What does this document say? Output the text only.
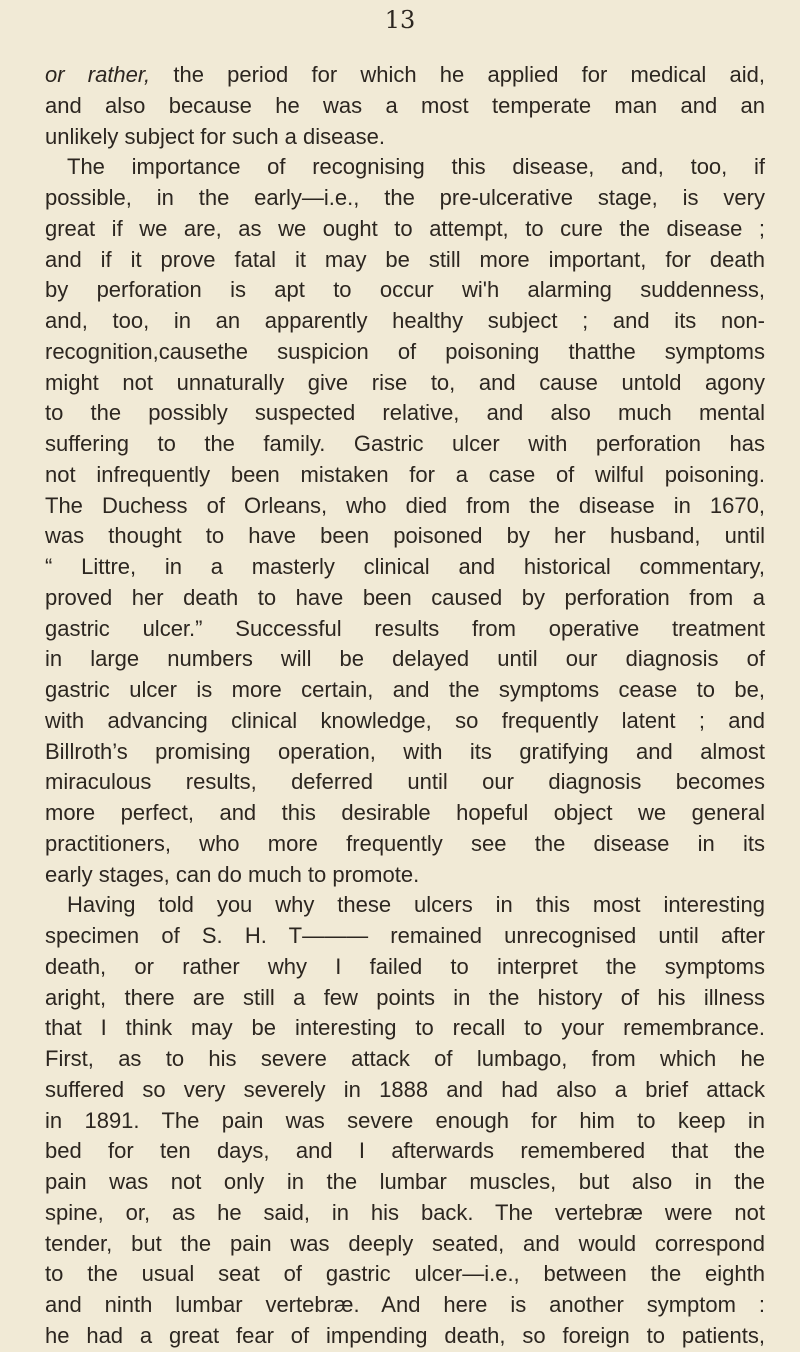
13
or rather, the period for which he applied for medical aid,
and also because he was a most temperate man and an
unlikely subject for such a disease.
The importance of recognising this disease, and, too, if
possible, in the early—i.e., the pre-ulcerative stage, is very
great if we are, as we ought to attempt, to cure the disease ;
and if it prove fatal it may be still more important, for death
by perforation is apt to occur wi'h alarming suddenness,
and, too, in an apparently healthy subject ; and its non-
recognition,causethe suspicion of poisoning thatthe symptoms
might not unnaturally give rise to, and cause untold agony
to the possibly suspected relative, and also much mental
suffering to the family. Gastric ulcer with perforation has
not infrequently been mistaken for a case of wilful poisoning.
The Duchess of Orleans, who died from the disease in 1670,
was thought to have been poisoned by her husband, until
“ Littre, in a masterly clinical and historical commentary,
proved her death to have been caused by perforation from a
gastric ulcer.” Successful results from operative treatment
in large numbers will be delayed until our diagnosis of
gastric ulcer is more certain, and the symptoms cease to be,
with advancing clinical knowledge, so frequently latent ; and
Billroth’s promising operation, with its gratifying and almost
miraculous results, deferred until our diagnosis becomes
more perfect, and this desirable hopeful object we general
practitioners, who more frequently see the disease in its
early stages, can do much to promote.
Having told you why these ulcers in this most interesting
specimen of S. H. T——— remained unrecognised until after
death, or rather why I failed to interpret the symptoms
aright, there are still a few points in the history of his illness
that I think may be interesting to recall to your remembrance.
First, as to his severe attack of lumbago, from which he
suffered so very severely in 1888 and had also a brief attack
in 1891. The pain was severe enough for him to keep in
bed for ten days, and I afterwards remembered that the
pain was not only in the lumbar muscles, but also in the
spine, or, as he said, in his back. The vertebræ were not
tender, but the pain was deeply seated, and would correspond
to the usual seat of gastric ulcer—i.e., between the eighth
and ninth lumbar vertebræ. And here is another symptom :
he had a great fear of impending death, so foreign to patients,
